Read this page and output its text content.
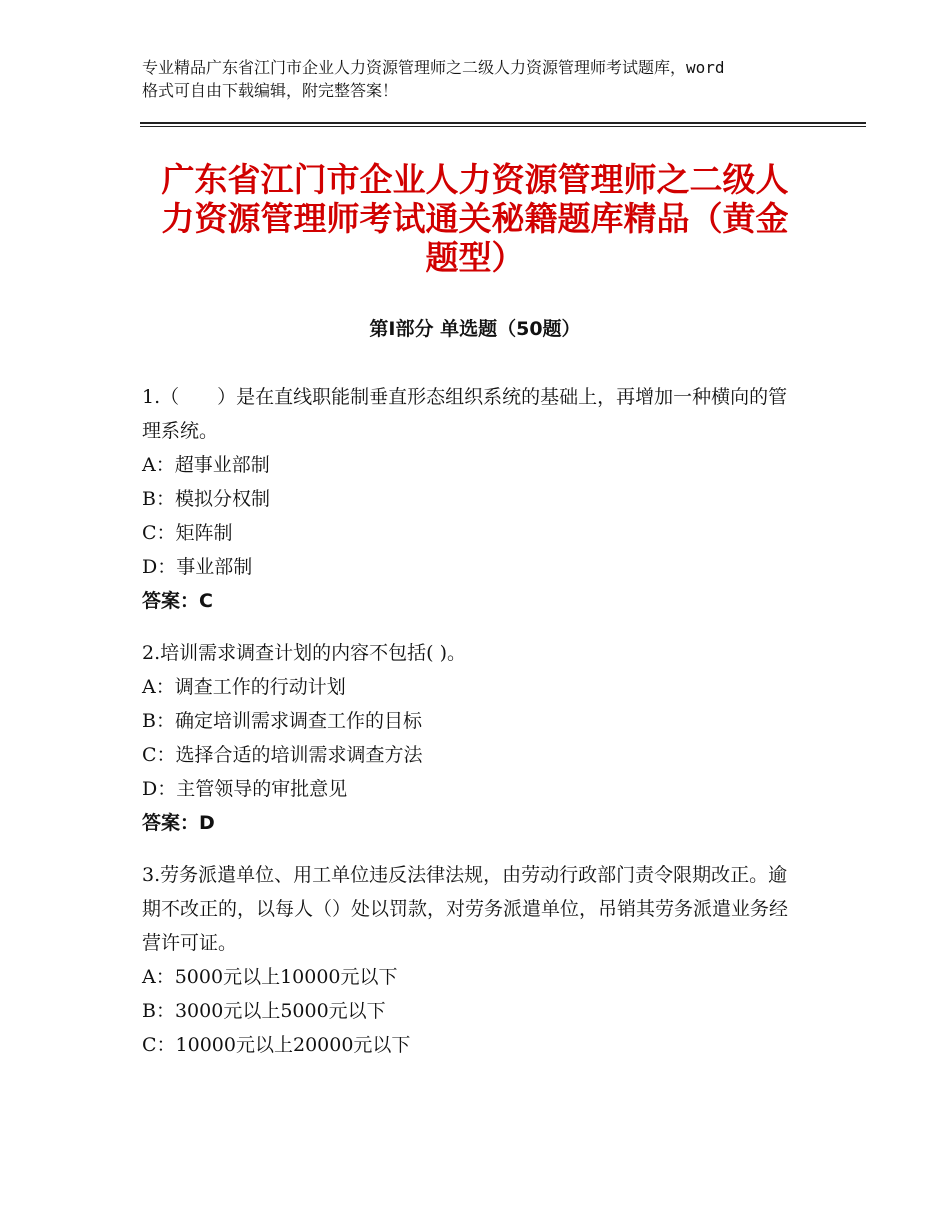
专业精品广东省江门市企业人力资源管理师之二级人力资源管理师考试题库，word
格式可自由下载编辑，附完整答案！
广东省江门市企业人力资源管理师之二级人
力资源管理师考试通关秘籍题库精品（黄金
题型）
第Ⅰ部分 单选题（50题）

1.（　　）是在直线职能制垂直形态组织系统的基础上，再增加一种横向的管理系统。

A：超事业部制

B：模拟分权制

C：矩阵制

D：事业部制

答案：C

2.培训需求调查计划的内容不包括( )。

A：调查工作的行动计划

B：确定培训需求调查工作的目标

C：选择合适的培训需求调查方法

D：主管领导的审批意见

答案：D

3.劳务派遣单位、用工单位违反法律法规，由劳动行政部门责令限期改正。逾期不改正的，以每人（）处以罚款，对劳务派遣单位，吊销其劳务派遣业务经营许可证。

A：5000元以上10000元以下

B：3000元以上5000元以下

C：10000元以上20000元以下
